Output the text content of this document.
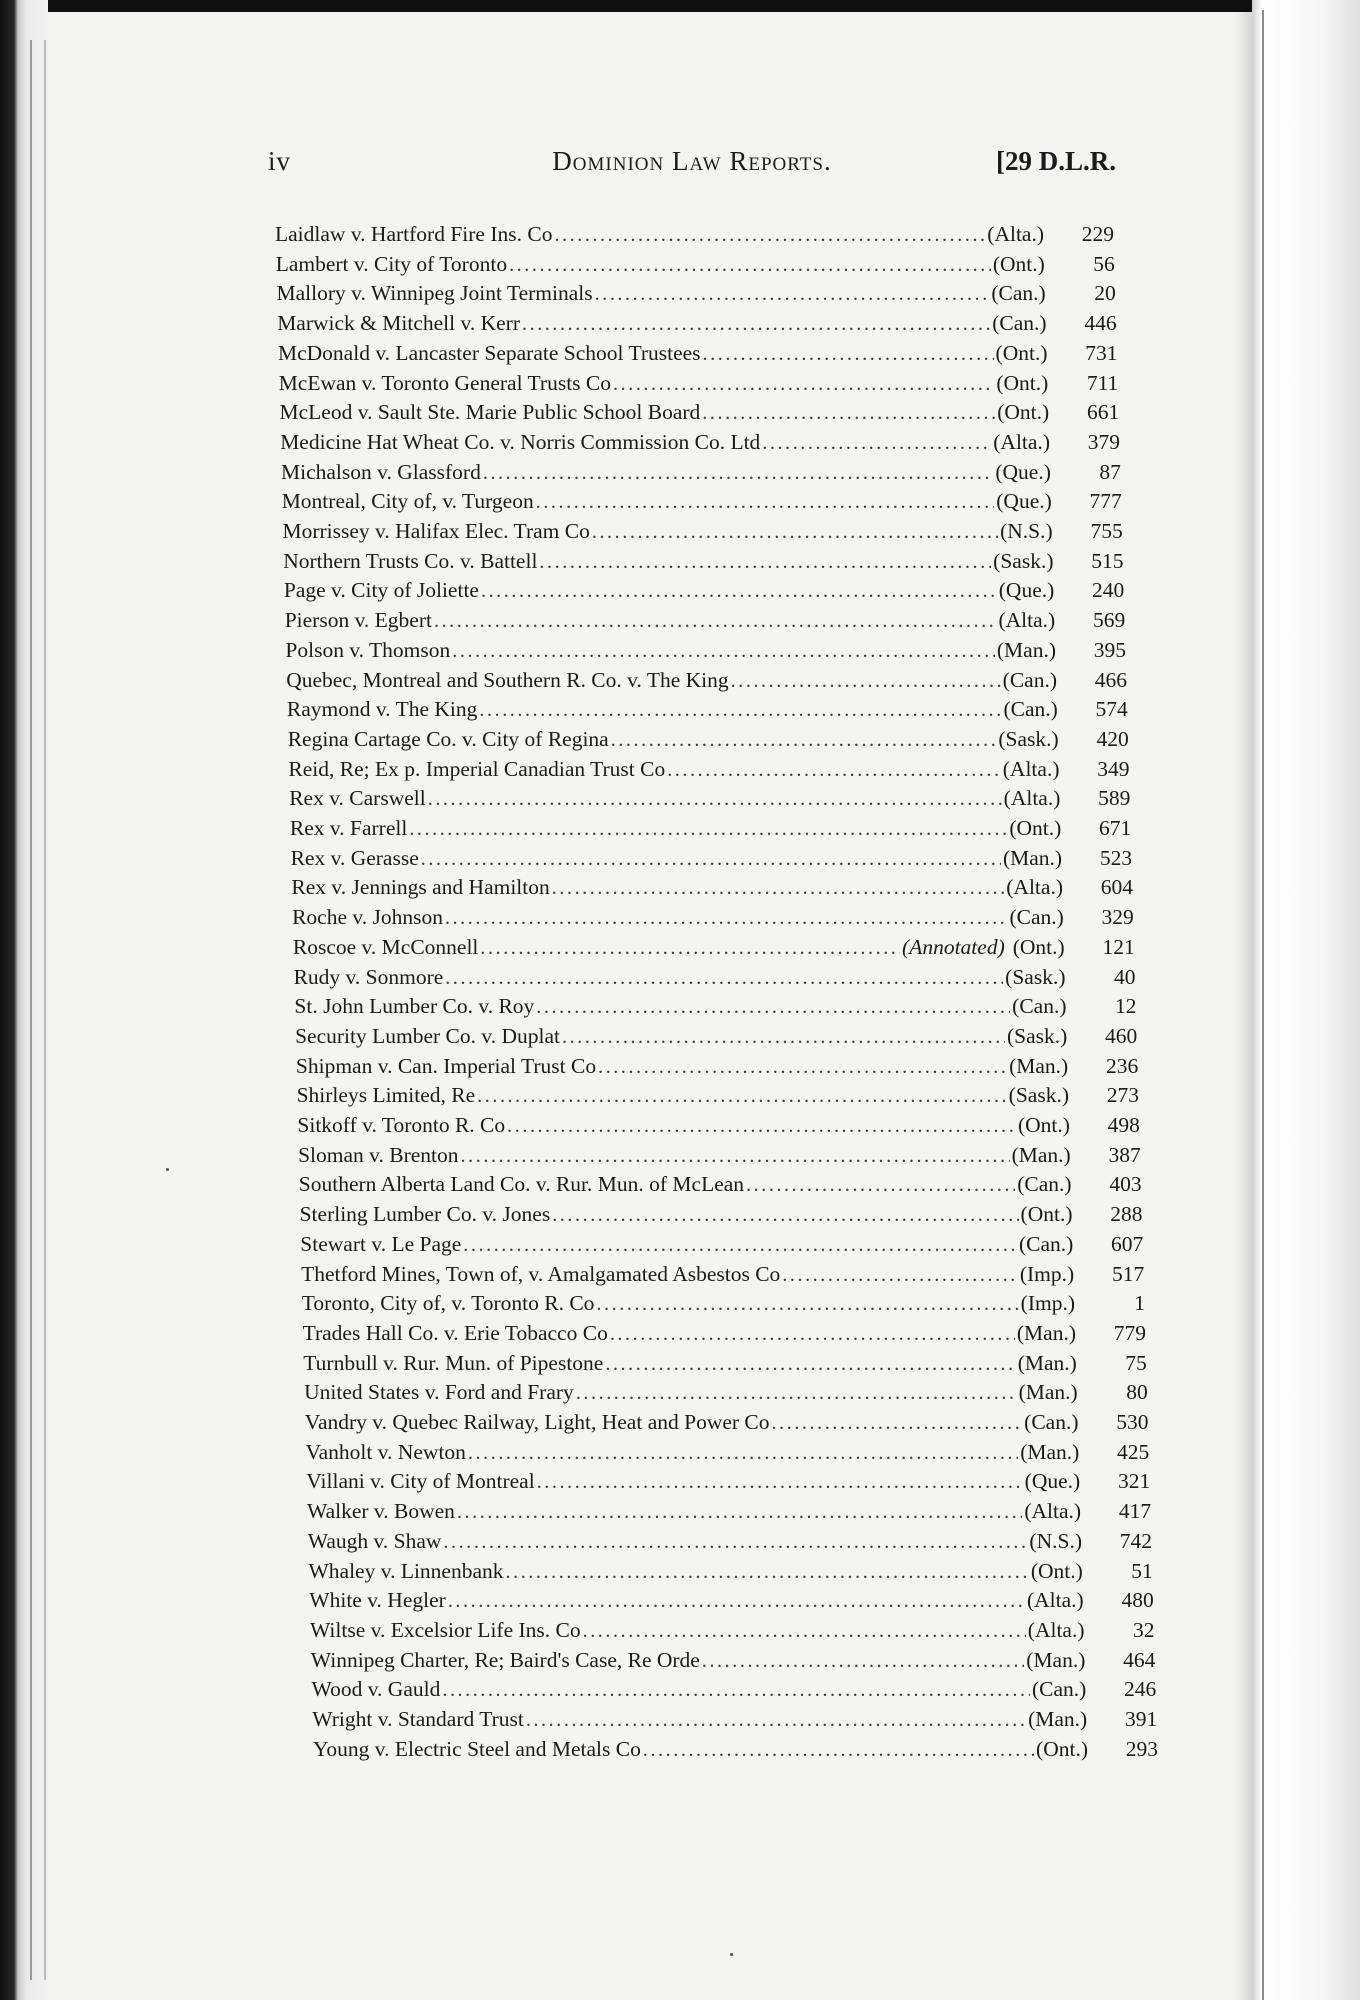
iv	Dominion Law Reports.	[29 D.L.R.
Laidlaw v. Hartford Fire Ins. Co .....	(Alta.)	229
Lambert v. City of Toronto .....	(Ont.)	56
Mallory v. Winnipeg Joint Terminals .....	(Can.)	20
Marwick & Mitchell v. Kerr .....	(Can.)	446
McDonald v. Lancaster Separate School Trustees .....	(Ont.)	731
McEwan v. Toronto General Trusts Co .....	(Ont.)	711
McLeod v. Sault Ste. Marie Public School Board .....	(Ont.)	661
Medicine Hat Wheat Co. v. Norris Commission Co. Ltd .....	(Alta.)	379
Michalson v. Glassford .....	(Que.)	87
Montreal, City of, v. Turgeon .....	(Que.)	777
Morrissey v. Halifax Elec. Tram Co .....	(N.S.)	755
Northern Trusts Co. v. Battell .....	(Sask.)	515
Page v. City of Joliette .....	(Que.)	240
Pierson v. Egbert .....	(Alta.)	569
Polson v. Thomson .....	(Man.)	395
Quebec, Montreal and Southern R. Co. v. The King .....	(Can.)	466
Raymond v. The King .....	(Can.)	574
Regina Cartage Co. v. City of Regina .....	(Sask.)	420
Reid, Re; Ex p. Imperial Canadian Trust Co .....	(Alta.)	349
Rex v. Carswell .....	(Alta.)	589
Rex v. Farrell .....	(Ont.)	671
Rex v. Gerasse .....	(Man.)	523
Rex v. Jennings and Hamilton .....	(Alta.)	604
Roche v. Johnson .....	(Can.)	329
Roscoe v. McConnell .....	(Annotated) (Ont.)	121
Rudy v. Sonmore .....	(Sask.)	40
St. John Lumber Co. v. Roy .....	(Can.)	12
Security Lumber Co. v. Duplat .....	(Sask.)	460
Shipman v. Can. Imperial Trust Co .....	(Man.)	236
Shirleys Limited, Re .....	(Sask.)	273
Sitkoff v. Toronto R. Co .....	(Ont.)	498
Sloman v. Brenton .....	(Man.)	387
Southern Alberta Land Co. v. Rur. Mun. of McLean .....	(Can.)	403
Sterling Lumber Co. v. Jones .....	(Ont.)	288
Stewart v. Le Page .....	(Can.)	607
Thetford Mines, Town of, v. Amalgamated Asbestos Co .....	(Imp.)	517
Toronto, City of, v. Toronto R. Co .....	(Imp.)	1
Trades Hall Co. v. Erie Tobacco Co .....	(Man.)	779
Turnbull v. Rur. Mun. of Pipestone .....	(Man.)	75
United States v. Ford and Frary .....	(Man.)	80
Vandry v. Quebec Railway, Light, Heat and Power Co .....	(Can.)	530
Vanholt v. Newton .....	(Man.)	425
Villani v. City of Montreal .....	(Que.)	321
Walker v. Bowen .....	(Alta.)	417
Waugh v. Shaw .....	(N.S.)	742
Whaley v. Linnenbank .....	(Ont.)	51
White v. Hegler .....	(Alta.)	480
Wiltse v. Excelsior Life Ins. Co .....	(Alta.)	32
Winnipeg Charter, Re; Baird's Case, Re Orde .....	(Man.)	464
Wood v. Gauld .....	(Can.)	246
Wright v. Standard Trust .....	(Man.)	391
Young v. Electric Steel and Metals Co .....	(Ont.)	293
